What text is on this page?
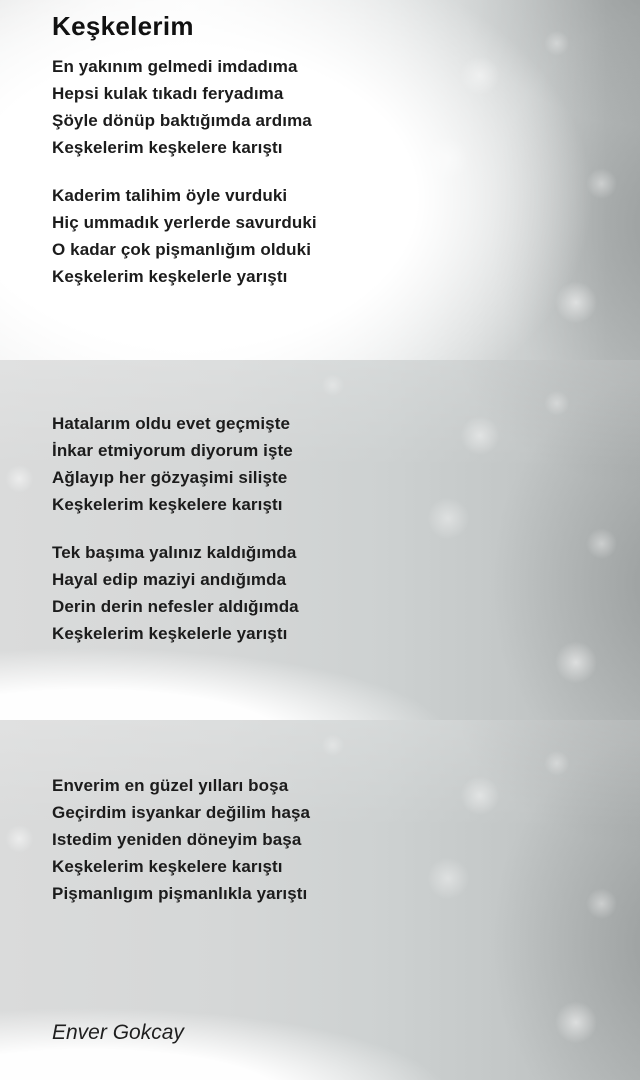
Keşkelerim
En yakınım gelmedi imdadıma
Hepsi kulak tıkadı feryadıma
Şöyle dönüp baktığımda ardıma
Keşkelerim keşkelere karıştı
Kaderim talihim öyle vurduki
Hiç ummadık yerlerde savurduki
O kadar çok pişmanlığım olduki
Keşkelerim keşkelerle yarıştı
Hatalarım oldu evet geçmişte
İnkar etmiyorum diyorum işte
Ağlayıp her gözyaşimi silişte
Keşkelerim keşkelere karıştı
Tek başıma yalınız kaldığımda
Hayal edip maziyi andığımda
Derin derin nefesler aldığımda
Keşkelerim keşkelerle yarıştı
Enverim en güzel yılları boşa
Geçirdim isyankar değilim haşa
Istedim yeniden döneyim başa
Keşkelerim keşkelere karıştı
Pişmanlıgım pişmanlıkla yarıştı
Enver Gokcay
